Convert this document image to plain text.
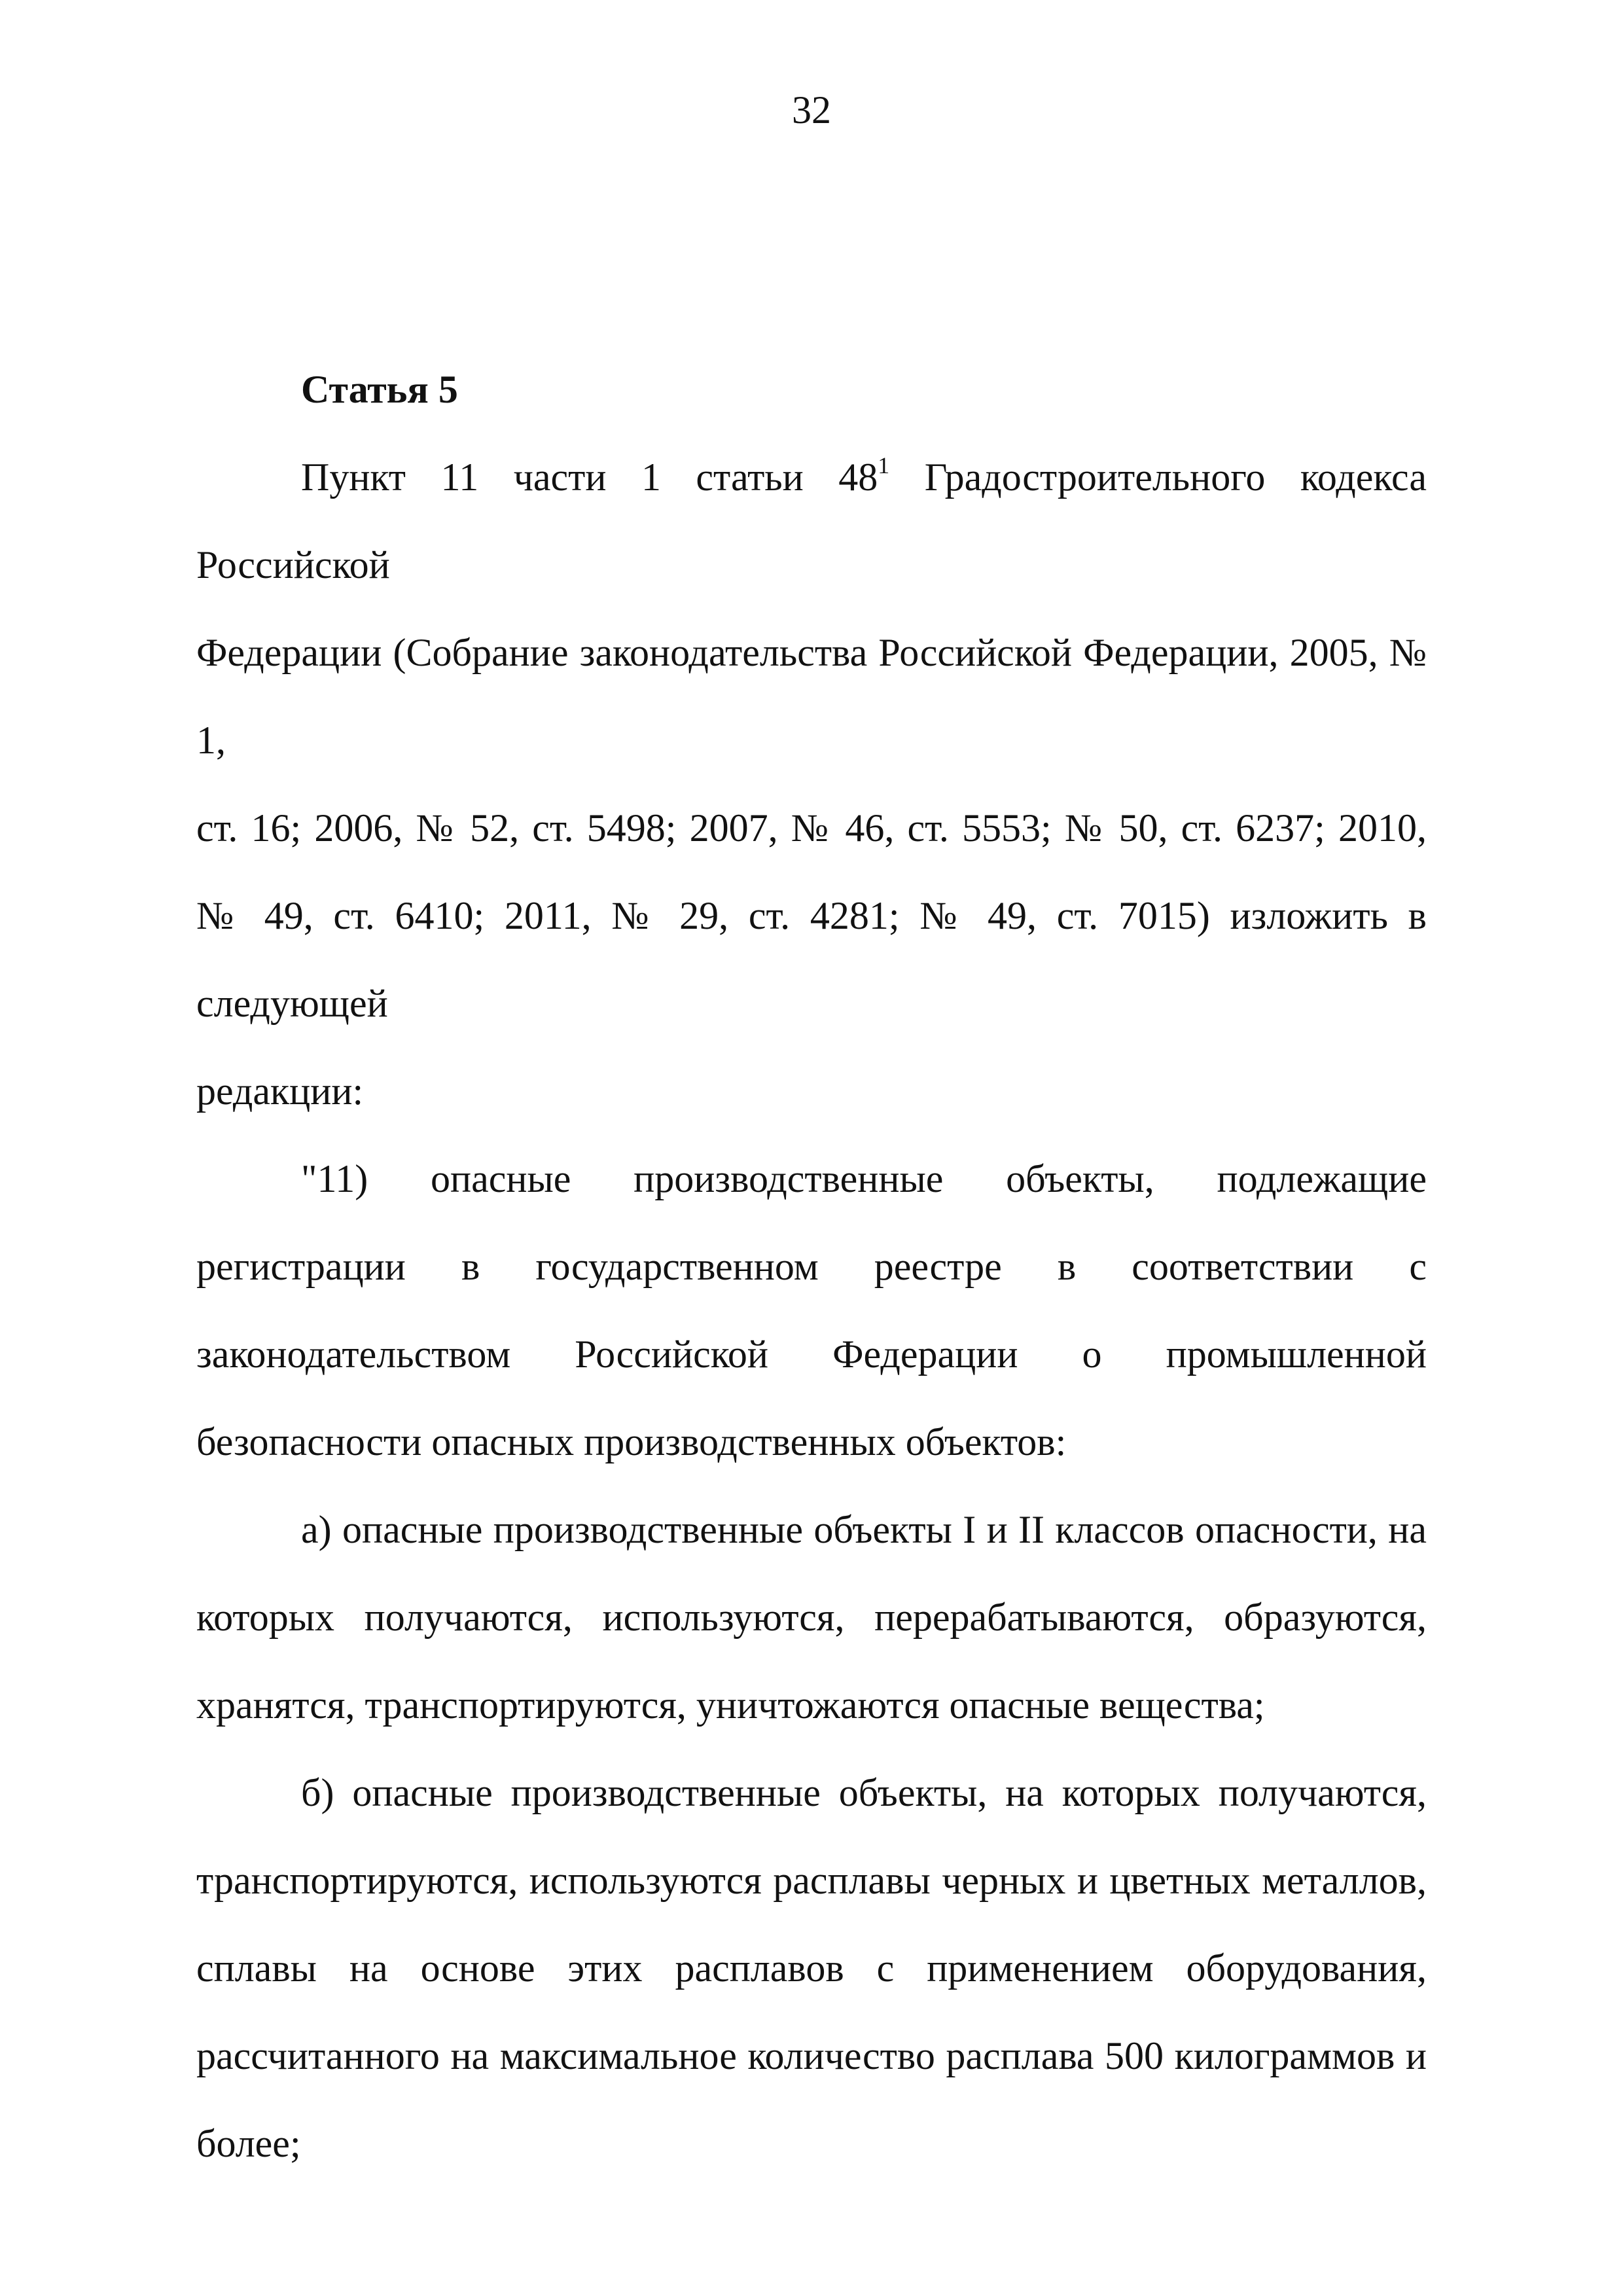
32

Статья 5

Пункт 11 части 1 статьи $48^1$ Градостроительного кодекса Российской

Федерации (Собрание законодательства Российской Федерации, 2005, № 1,

ст. 16; 2006, № 52, ст. 5498; 2007, № 46, ст. 5553; № 50, ст. 6237; 2010,

№ 49, ст. 6410; 2011, № 29, ст. 4281; № 49, ст. 7015) изложить в следующей

редакции:

"11) опасные производственные объекты, подлежащие регистрации в государственном реестре в соответствии с законодательством Российской Федерации о промышленной безопасности опасных производственных объектов:

а) опасные производственные объекты I и II классов опасности, на которых получаются, используются, перерабатываются, образуются, хранятся, транспортируются, уничтожаются опасные вещества;

б) опасные производственные объекты, на которых получаются, транспортируются, используются расплавы черных и цветных металлов, сплавы на основе этих расплавов с применением оборудования, рассчитанного на максимальное количество расплава 500 килограммов и более;
